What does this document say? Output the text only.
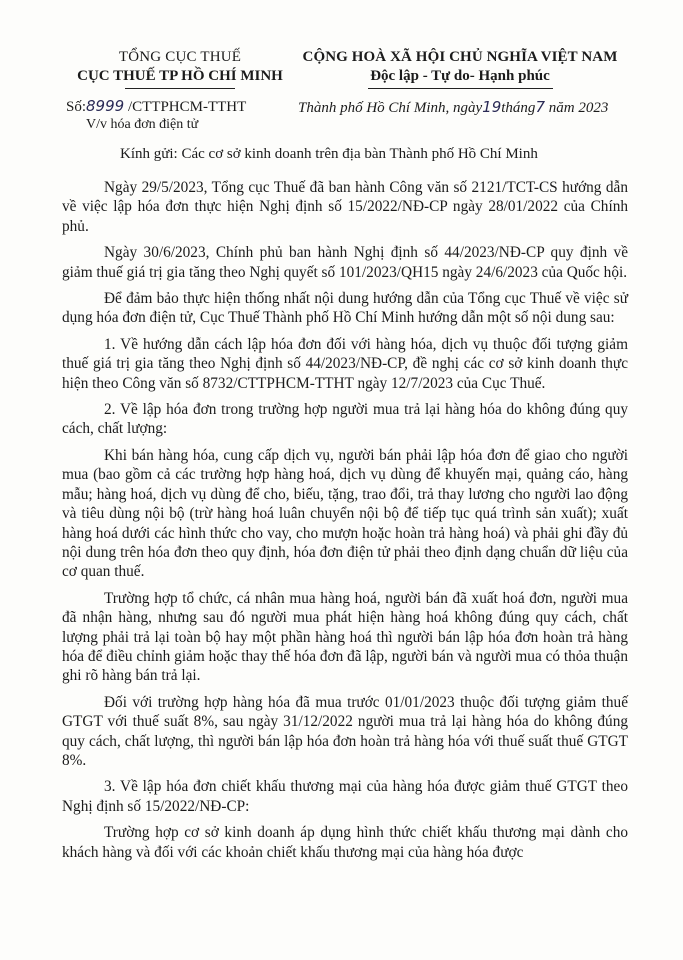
TỔNG CỤC THUẾ
CỤC THUẾ TP HỒ CHÍ MINH
CỘNG HOÀ XÃ HỘI CHỦ NGHĨA VIỆT NAM
Độc lập - Tự do- Hạnh phúc
Số:8999 /CTTPHCM-TTHT
V/v hóa đơn điện tử
Thành phố Hồ Chí Minh, ngày19tháng7 năm 2023
Kính gửi: Các cơ sở kinh doanh trên địa bàn Thành phố Hồ Chí Minh

Ngày 29/5/2023, Tổng cục Thuế đã ban hành Công văn số 2121/TCT-CS hướng dẫn về việc lập hóa đơn thực hiện Nghị định số 15/2022/NĐ-CP ngày 28/01/2022 của Chính phủ.

Ngày 30/6/2023, Chính phủ ban hành Nghị định số 44/2023/NĐ-CP quy định về giảm thuế giá trị gia tăng theo Nghị quyết số 101/2023/QH15 ngày 24/6/2023 của Quốc hội.

Để đảm bảo thực hiện thống nhất nội dung hướng dẫn của Tổng cục Thuế về việc sử dụng hóa đơn điện tử, Cục Thuế Thành phố Hồ Chí Minh hướng dẫn một số nội dung sau:

1. Về hướng dẫn cách lập hóa đơn đối với hàng hóa, dịch vụ thuộc đối tượng giảm thuế giá trị gia tăng theo Nghị định số 44/2023/NĐ-CP, đề nghị các cơ sở kinh doanh thực hiện theo Công văn số 8732/CTTPHCM-TTHT ngày 12/7/2023 của Cục Thuế.

2. Về lập hóa đơn trong trường hợp người mua trả lại hàng hóa do không đúng quy cách, chất lượng:

Khi bán hàng hóa, cung cấp dịch vụ, người bán phải lập hóa đơn để giao cho người mua (bao gồm cả các trường hợp hàng hoá, dịch vụ dùng để khuyến mại, quảng cáo, hàng mẫu; hàng hoá, dịch vụ dùng để cho, biếu, tặng, trao đổi, trả thay lương cho người lao động và tiêu dùng nội bộ (trừ hàng hoá luân chuyển nội bộ để tiếp tục quá trình sản xuất); xuất hàng hoá dưới các hình thức cho vay, cho mượn hoặc hoàn trả hàng hoá) và phải ghi đầy đủ nội dung trên hóa đơn theo quy định, hóa đơn điện tử phải theo định dạng chuẩn dữ liệu của cơ quan thuế.

Trường hợp tổ chức, cá nhân mua hàng hoá, người bán đã xuất hoá đơn, người mua đã nhận hàng, nhưng sau đó người mua phát hiện hàng hoá không đúng quy cách, chất lượng phải trả lại toàn bộ hay một phần hàng hoá thì người bán lập hóa đơn hoàn trả hàng hóa để điều chỉnh giảm hoặc thay thế hóa đơn đã lập, người bán và người mua có thỏa thuận ghi rõ hàng bán trả lại.

Đối với trường hợp hàng hóa đã mua trước 01/01/2023 thuộc đối tượng giảm thuế GTGT với thuế suất 8%, sau ngày 31/12/2022 người mua trả lại hàng hóa do không đúng quy cách, chất lượng, thì người bán lập hóa đơn hoàn trả hàng hóa với thuế suất thuế GTGT 8%.

3. Về lập hóa đơn chiết khấu thương mại của hàng hóa được giảm thuế GTGT theo Nghị định số 15/2022/NĐ-CP:

Trường hợp cơ sở kinh doanh áp dụng hình thức chiết khấu thương mại dành cho khách hàng và đối với các khoản chiết khấu thương mại của hàng hóa được
